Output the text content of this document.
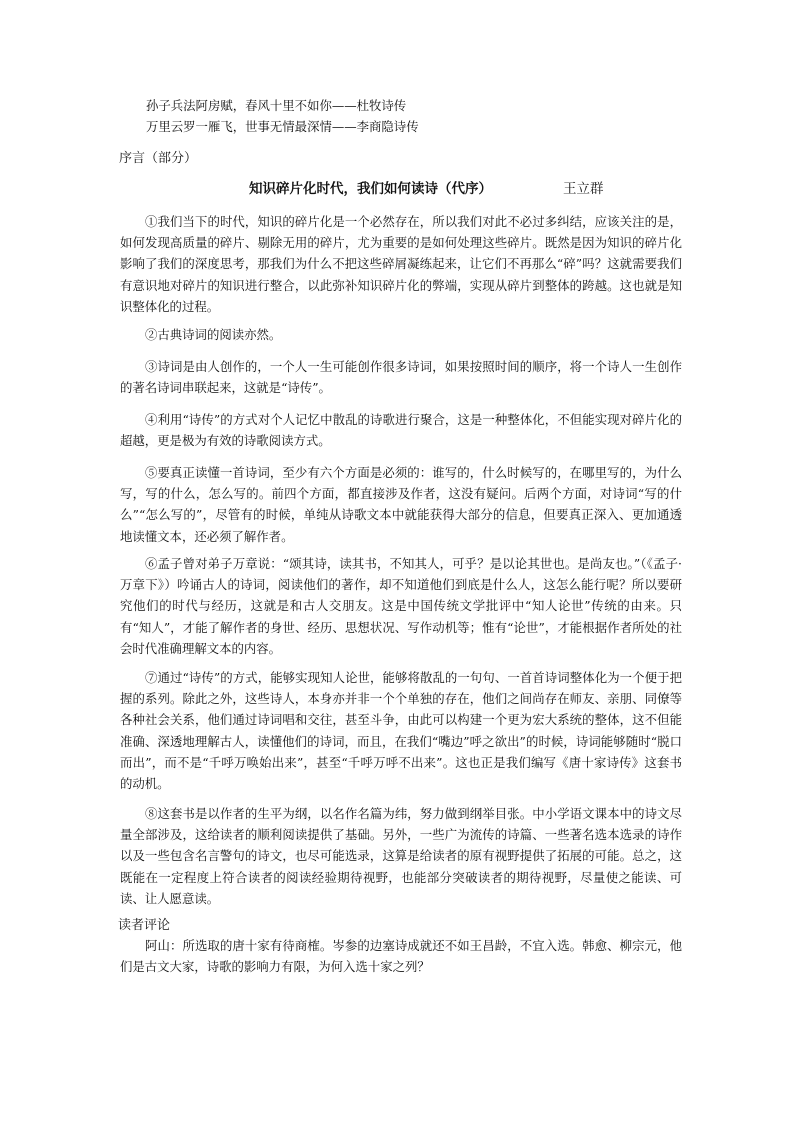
孙子兵法阿房赋，春风十里不如你——杜牧诗传
万里云罗一雁飞，世事无情最深情——李商隐诗传
序言（部分）
知识碎片化时代，我们如何读诗（代序）	王立群

①我们当下的时代，知识的碎片化是一个必然存在，所以我们对此不必过多纠结，应该关注的是，如何发现高质量的碎片、剔除无用的碎片，尤为重要的是如何处理这些碎片。既然是因为知识的碎片化影响了我们的深度思考，那我们为什么不把这些碎屑凝练起来，让它们不再那么“碎”吗？这就需要我们有意识地对碎片的知识进行整合，以此弥补知识碎片化的弊端，实现从碎片到整体的跨越。这也就是知识整体化的过程。

②古典诗词的阅读亦然。

③诗词是由人创作的，一个人一生可能创作很多诗词，如果按照时间的顺序，将一个诗人一生创作的著名诗词串联起来，这就是“诗传”。

④利用“诗传”的方式对个人记忆中散乱的诗歌进行聚合，这是一种整体化，不但能实现对碎片化的超越，更是极为有效的诗歌阅读方式。

⑤要真正读懂一首诗词，至少有六个方面是必须的：谁写的，什么时候写的，在哪里写的，为什么写，写的什么，怎么写的。前四个方面，都直接涉及作者，这没有疑问。后两个方面，对诗词“写的什么”“怎么写的”，尽管有的时候，单纯从诗歌文本中就能获得大部分的信息，但要真正深入、更加通透地读懂文本，还必须了解作者。

⑥孟子曾对弟子万章说：“颂其诗，读其书，不知其人，可乎？是以论其世也。是尚友也。”（《孟子·万章下》）吟诵古人的诗词，阅读他们的著作，却不知道他们到底是什么人，这怎么能行呢？所以要研究他们的时代与经历，这就是和古人交朋友。这是中国传统文学批评中“知人论世”传统的由来。只有“知人”，才能了解作者的身世、经历、思想状况、写作动机等；惟有“论世”，才能根据作者所处的社会时代准确理解文本的内容。

⑦通过“诗传”的方式，能够实现知人论世，能够将散乱的一句句、一首首诗词整体化为一个便于把握的系列。除此之外，这些诗人，本身亦并非一个个单独的存在，他们之间尚存在师友、亲朋、同僚等各种社会关系，他们通过诗词唱和交往，甚至斗争，由此可以构建一个更为宏大系统的整体，这不但能准确、深透地理解古人，读懂他们的诗词，而且，在我们“嘴边”呼之欲出”的时候，诗词能够随时“脱口而出”，而不是“千呼万唤始出来”，甚至“千呼万呼不出来”。这也正是我们编写《唐十家诗传》这套书的动机。

⑧这套书是以作者的生平为纲，以名作名篇为纬，努力做到纲举目张。中小学语文课本中的诗文尽量全部涉及，这给读者的顺利阅读提供了基础。另外，一些广为流传的诗篇、一些著名选本选录的诗作以及一些包含名言警句的诗文，也尽可能选录，这算是给读者的原有视野提供了拓展的可能。总之，这既能在一定程度上符合读者的阅读经验期待视野，也能部分突破读者的期待视野，尽量使之能读、可读、让人愿意读。

读者评论

阿山：所选取的唐十家有待商榷。岑参的边塞诗成就还不如王昌龄，不宜入选。韩愈、柳宗元，他们是古文大家，诗歌的影响力有限，为何入选十家之列？
